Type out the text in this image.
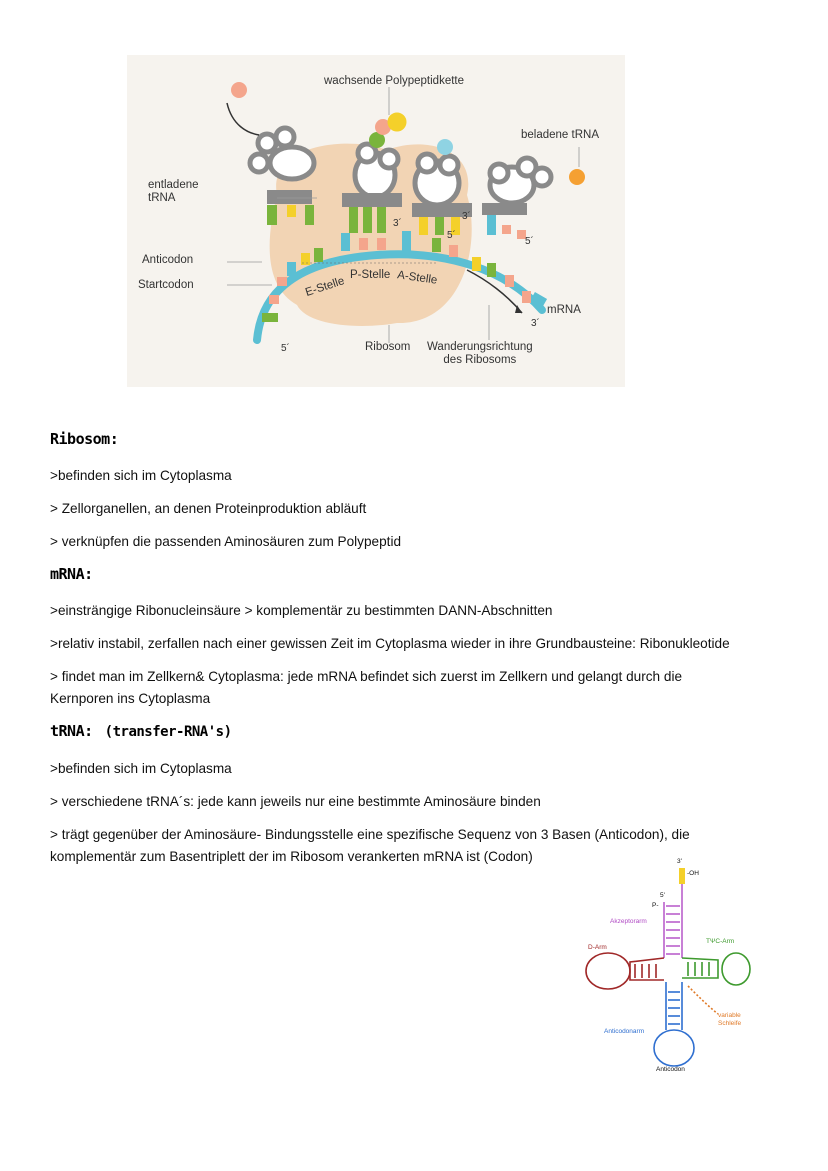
wachsende Polypeptidkette
beladene tRNA
entladene
tRNA
Anticodon
Startcodon	E-Stelle
P-Stelle A-Stelle
mRNA
Ribosom Wanderungsrichtung
des Ribosoms
3´
3´
3´
5´
5´
5´
Ribosom:
>befinden sich im Cytoplasma
> Zellorganellen, an denen Proteinproduktion abläuft
> verknüpfen die passenden Aminosäuren zum Polypeptid
mRNA:
>einsträngige Ribonucleinsäure > komplementär zu bestimmten DANN-Abschnitten
>relativ instabil, zerfallen nach einer gewissen Zeit im Cytoplasma wieder in ihre Grundbausteine: Ribonukleotide
> findet man im Zellkern& Cytoplasma: jede mRNA befindet sich zuerst im Zellkern und gelangt durch die
Kernporen ins Cytoplasma
tRNA: (transfer-RNA's)
>befinden sich im Cytoplasma
> verschiedene tRNA´s: jede kann jeweils nur eine bestimmte Aminosäure binden
> trägt gegenüber der Aminosäure- Bindungsstelle eine spezifische Sequenz von 3 Basen (Anticodon), die
komplementär zum Basentriplett der im Ribosom verankerten mRNA ist (Codon)	3'
-OH
5'
P-
Akzeptorarm
D-Arm
TΨC-Arm
variable
Schleife
Anticodonarm
Anticodon
